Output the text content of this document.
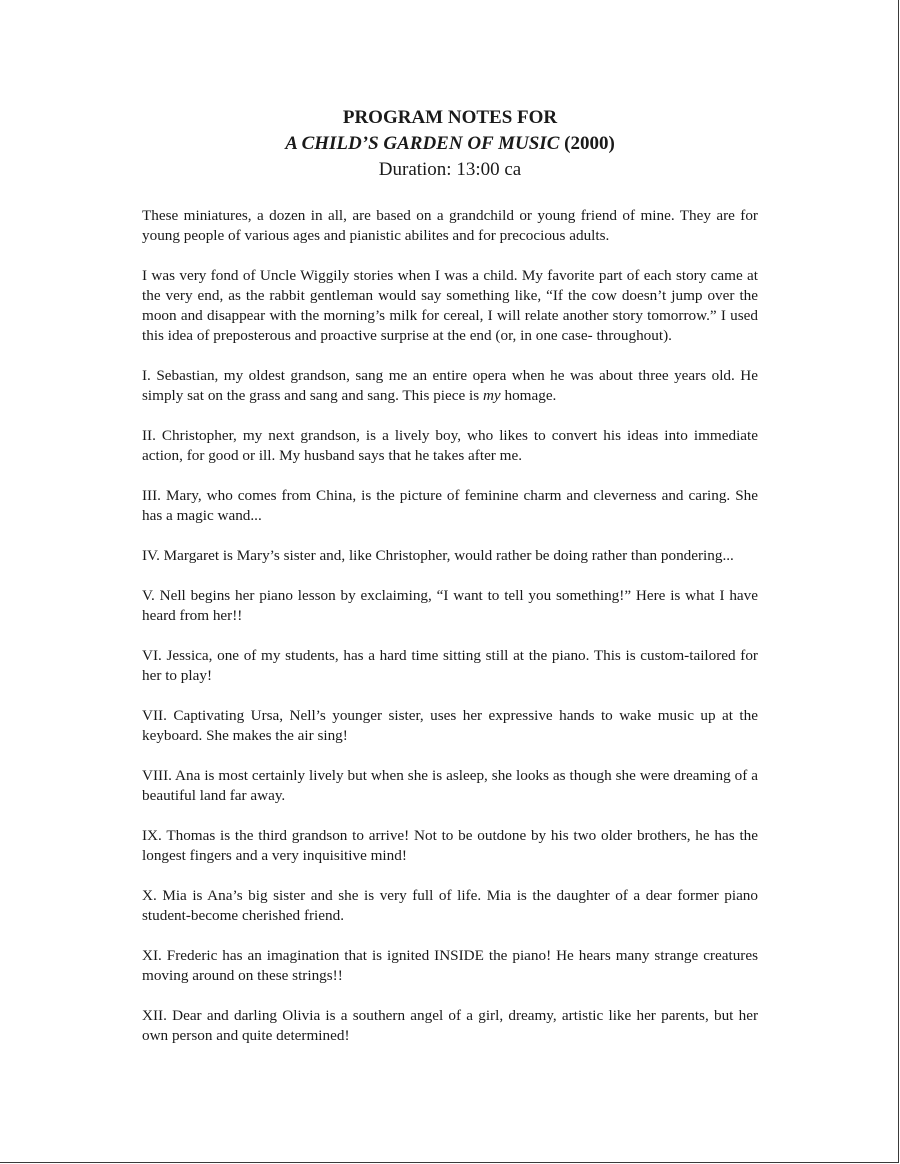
PROGRAM NOTES FOR

A CHILD’S GARDEN OF MUSIC (2000)

Duration: 13:00 ca

These miniatures, a dozen in all, are based on a grandchild or young friend of mine. They are for young people of various ages and pianistic abilites and for precocious adults.

I was very fond of Uncle Wiggily stories when I was a child. My favorite part of each story came at the very end, as the rabbit gentleman would say something like, “If the cow doesn’t jump over the moon and disappear with the morning’s milk for cereal, I will relate another story tomorrow.” I used this idea of preposterous and proactive surprise at the end (or, in one case- throughout).

I. Sebastian, my oldest grandson, sang me an entire opera when he was about three years old. He simply sat on the grass and sang and sang. This piece is my homage.

II. Christopher, my next grandson, is a lively boy, who likes to convert his ideas into immediate action, for good or ill. My husband says that he takes after me.

III. Mary, who comes from China, is the picture of feminine charm and cleverness and caring. She has a magic wand...

IV. Margaret is Mary’s sister and, like Christopher, would rather be doing rather than pondering...

V. Nell begins her piano lesson by exclaiming, “I want to tell you something!” Here is what I have heard from her!!

VI. Jessica, one of my students, has a hard time sitting still at the piano. This is custom-tailored for her to play!

VII. Captivating Ursa, Nell’s younger sister, uses her expressive hands to wake music up at the keyboard. She makes the air sing!

VIII. Ana is most certainly lively but when she is asleep, she looks as though she were dreaming of a beautiful land far away.

IX. Thomas is the third grandson to arrive! Not to be outdone by his two older brothers, he has the longest fingers and a very inquisitive mind!

X. Mia is Ana’s big sister and she is very full of life. Mia is the daughter of a dear former piano student-become cherished friend.

XI. Frederic has an imagination that is ignited INSIDE the piano! He hears many strange creatures moving around on these strings!!

XII. Dear and darling Olivia is a southern angel of a girl, dreamy, artistic like her parents, but her own person and quite determined!
